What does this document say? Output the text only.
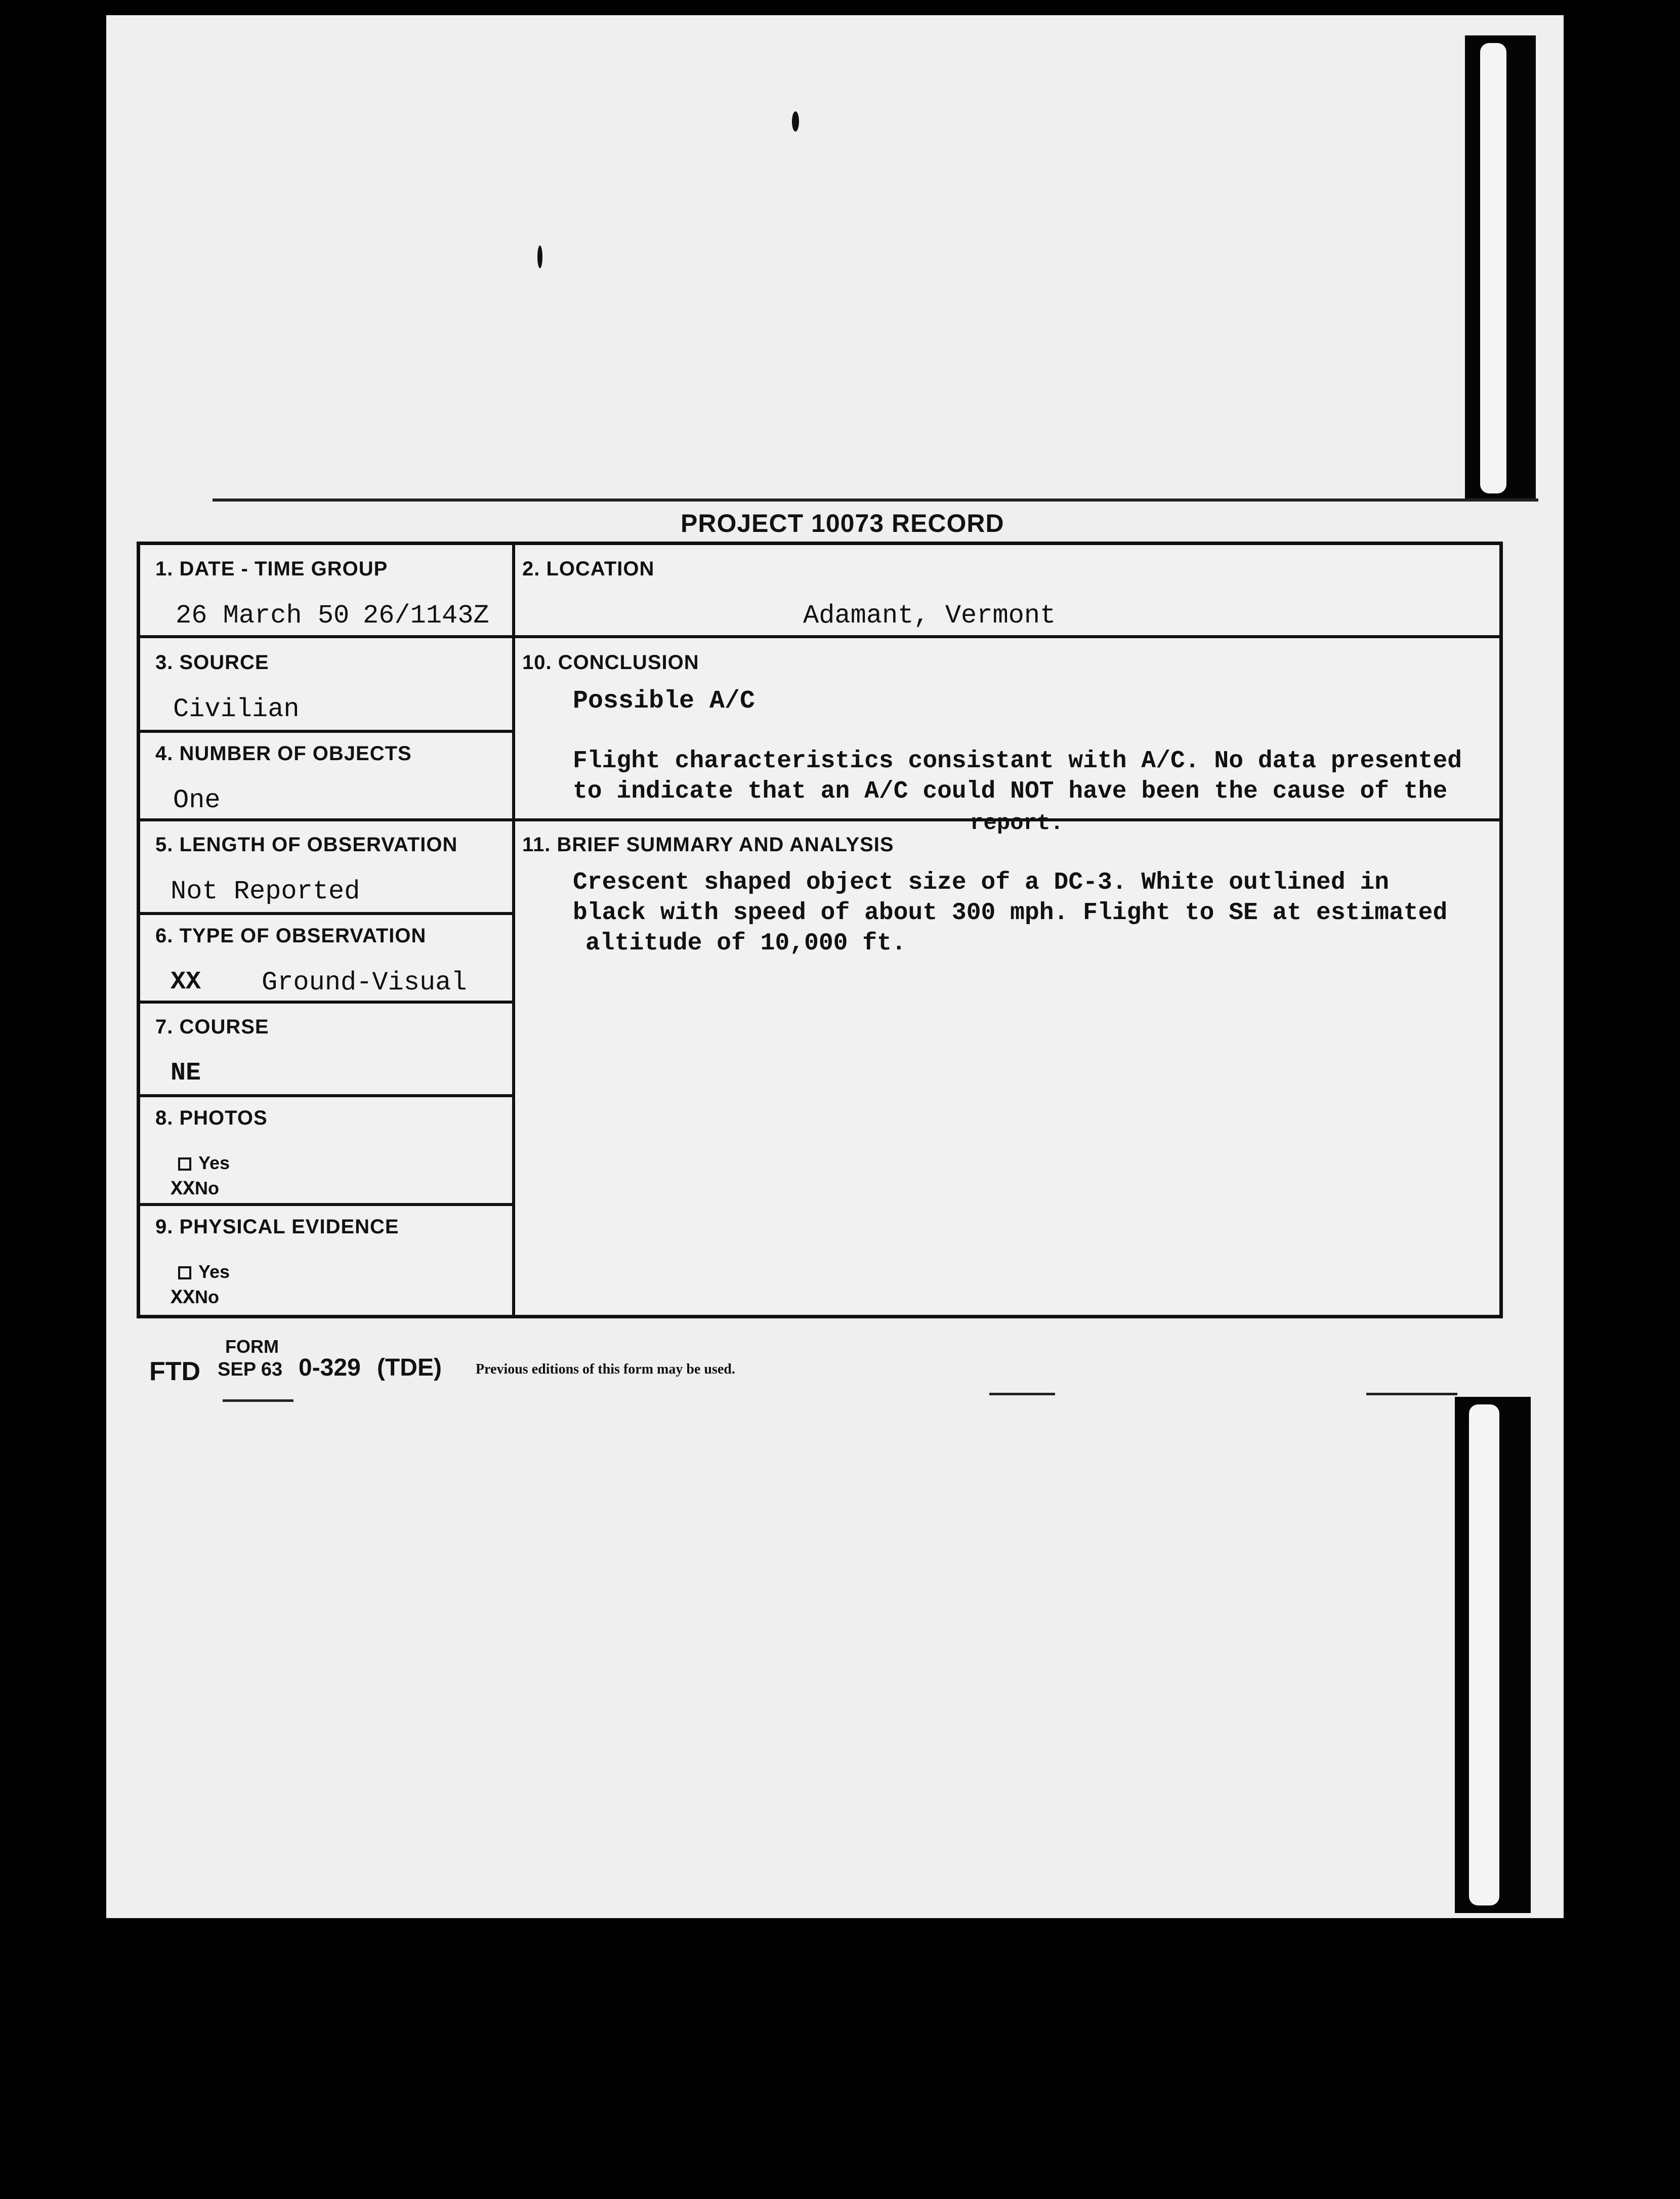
PROJECT 10073 RECORD
1. DATE - TIME GROUP
26 March 50 26/1143Z
2. LOCATION
Adamant, Vermont
3. SOURCE
Civilian
10. CONCLUSION
Possible A/C
Flight characteristics consistant with A/C. No data presented
to indicate that an A/C could NOT have been the cause of the
report.
4. NUMBER OF OBJECTS
One
5. LENGTH OF OBSERVATION
Not Reported
11. BRIEF SUMMARY AND ANALYSIS
Crescent shaped object size of a DC-3. White outlined in
black with speed of about 300 mph. Flight to SE at estimated
altitude of 10,000 ft.
6. TYPE OF OBSERVATION
XX Ground-Visual
7. COURSE
NE
8. PHOTOS
Yes
XXNo
9. PHYSICAL EVIDENCE
Yes
XXNo
FTD
FORM
SEP 63 0-329 (TDE) Previous editions of this form may be used.
